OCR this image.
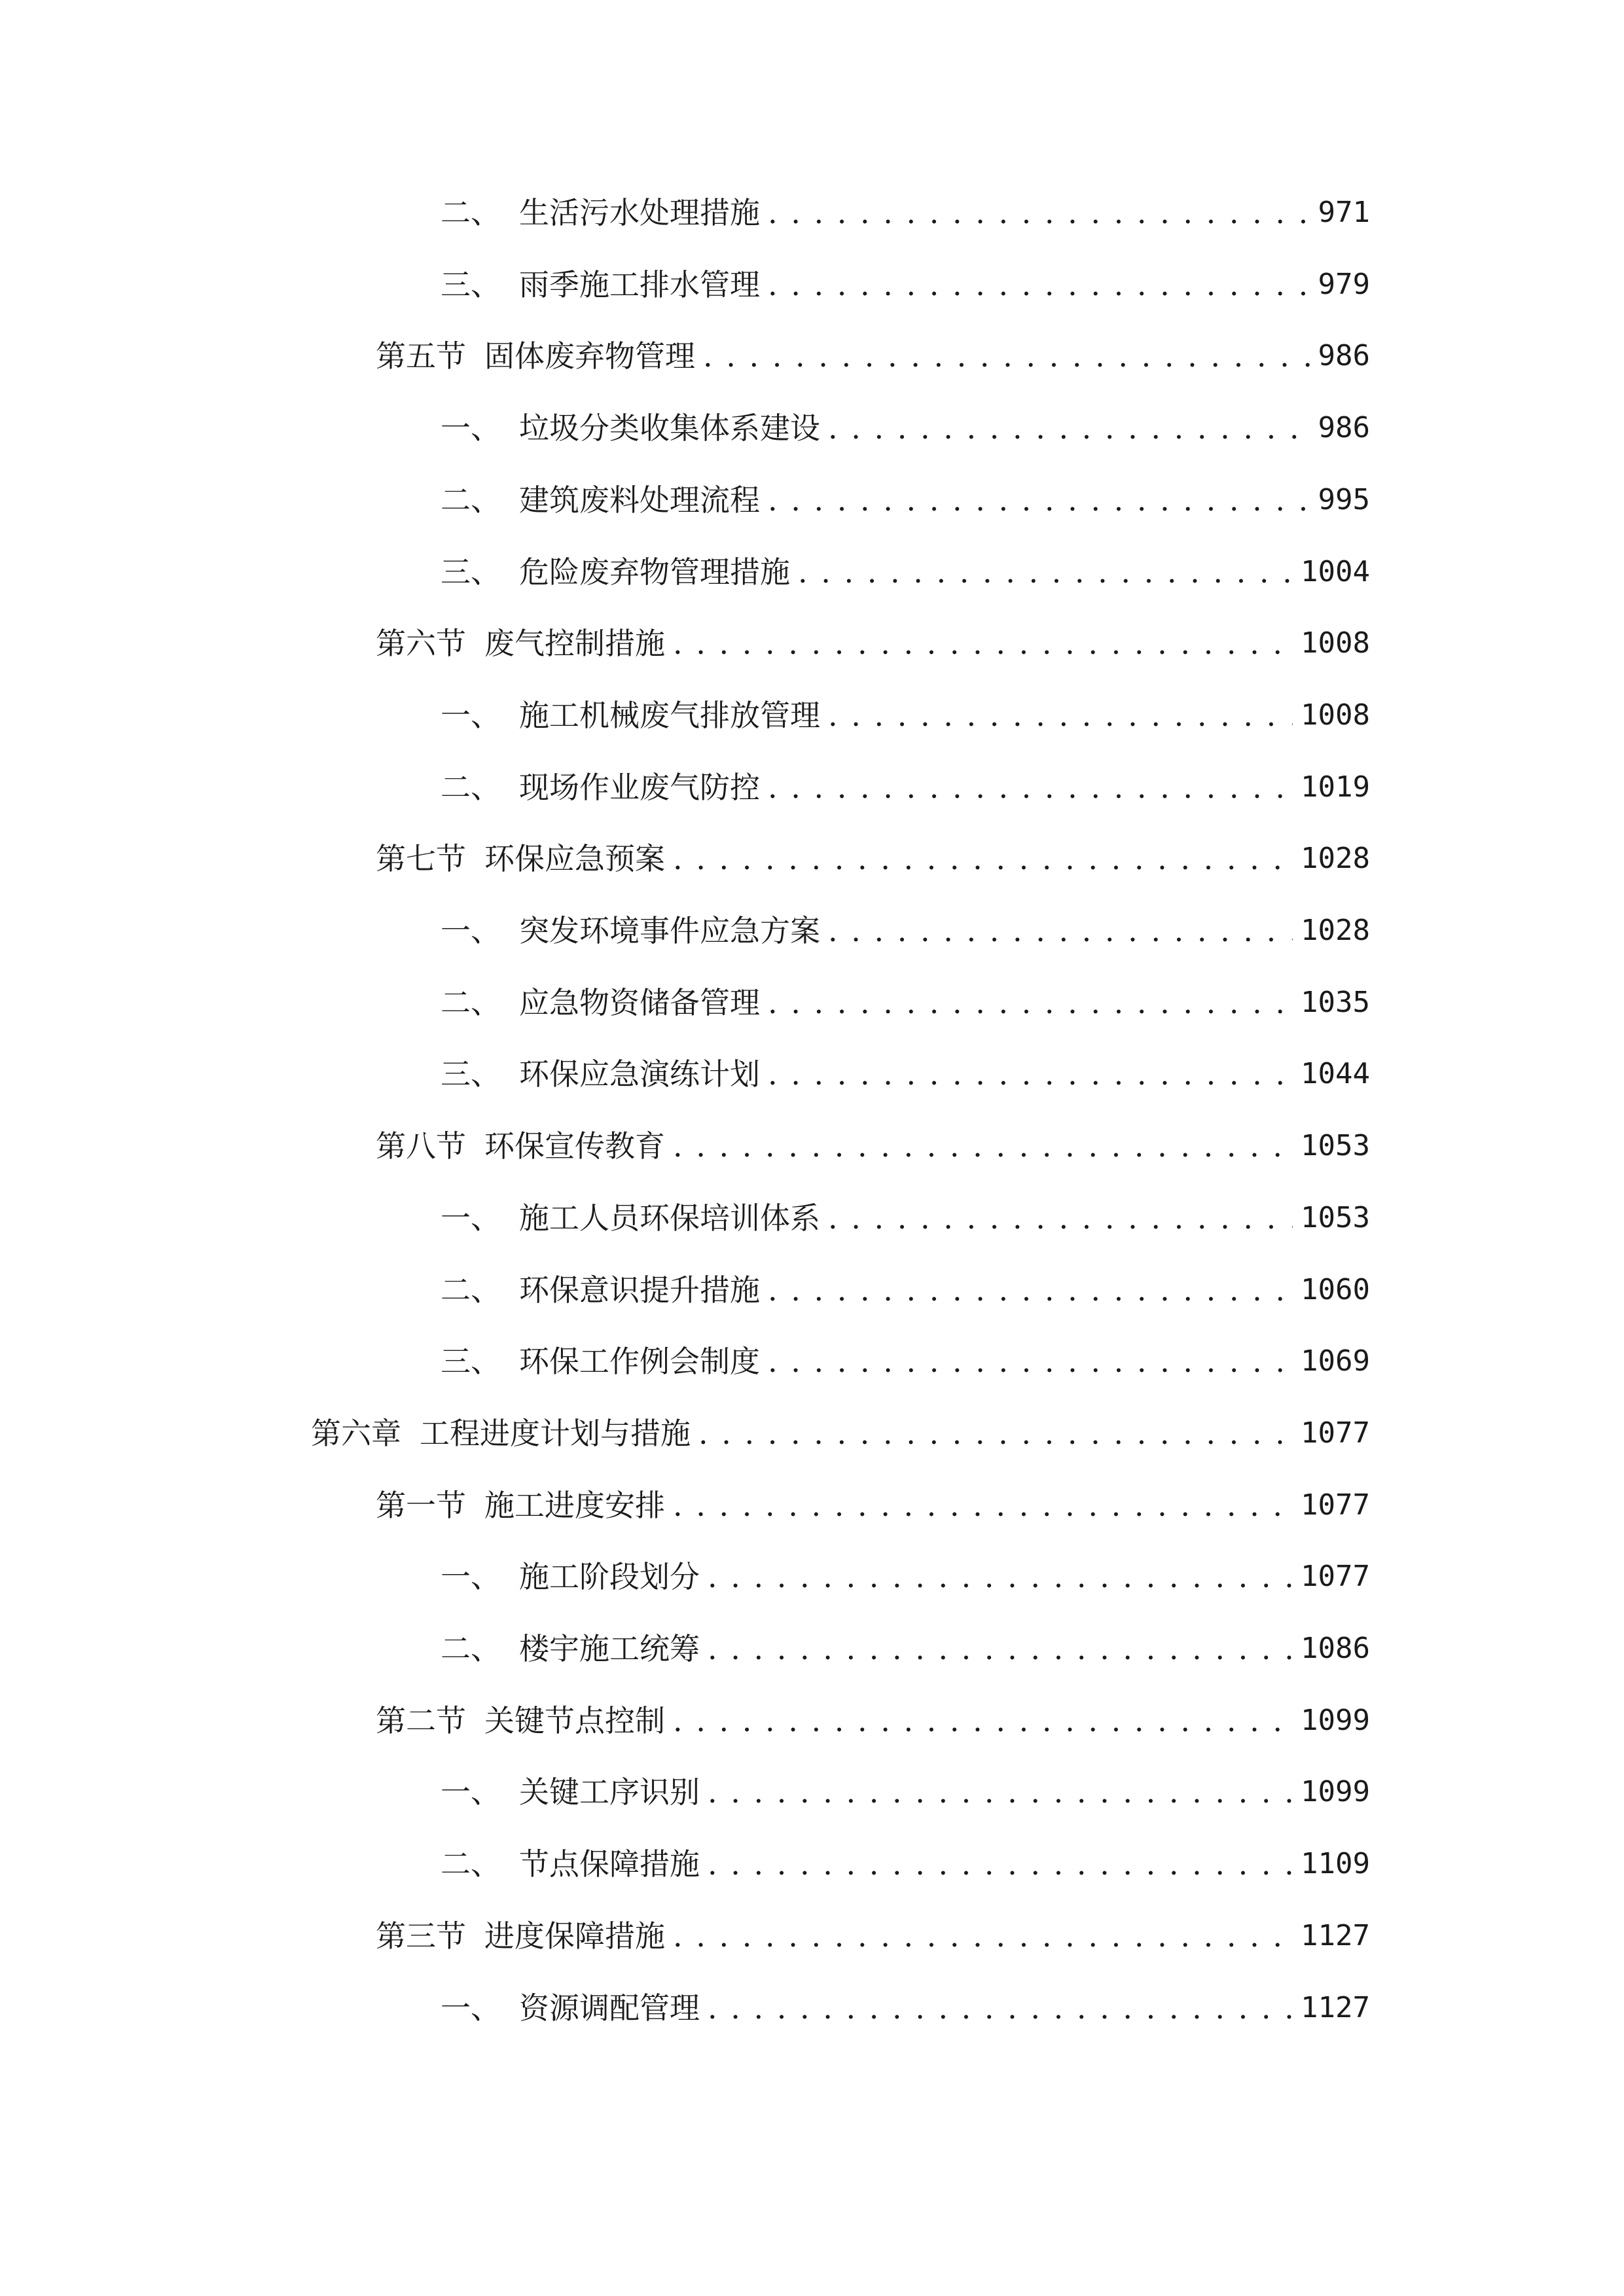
二、 生活污水处理措施 . . .	971
三、 雨季施工排水管理 . . .	979
第五节 固体废弃物管理 . . .	986
一、 垃圾分类收集体系建设 . . .	986
二、 建筑废料处理流程 . . .	995
三、 危险废弃物管理措施 . . .	1004
第六节 废气控制措施 . . .	1008
一、 施工机械废气排放管理 . . .	1008
二、 现场作业废气防控 . . .	1019
第七节 环保应急预案 . . .	1028
一、 突发环境事件应急方案 . . .	1028
二、 应急物资储备管理 . . .	1035
三、 环保应急演练计划 . . .	1044
第八节 环保宣传教育 . . .	1053
一、 施工人员环保培训体系 . . .	1053
二、 环保意识提升措施 . . .	1060
三、 环保工作例会制度 . . .	1069
第六章 工程进度计划与措施 . . .	1077
第一节 施工进度安排 . . .	1077
一、 施工阶段划分 . . .	1077
二、 楼宇施工统筹 . . .	1086
第二节 关键节点控制 . . .	1099
一、 关键工序识别 . . .	1099
二、 节点保障措施 . . .	1109
第三节 进度保障措施 . . .	1127
一、 资源调配管理 . . .	1127
